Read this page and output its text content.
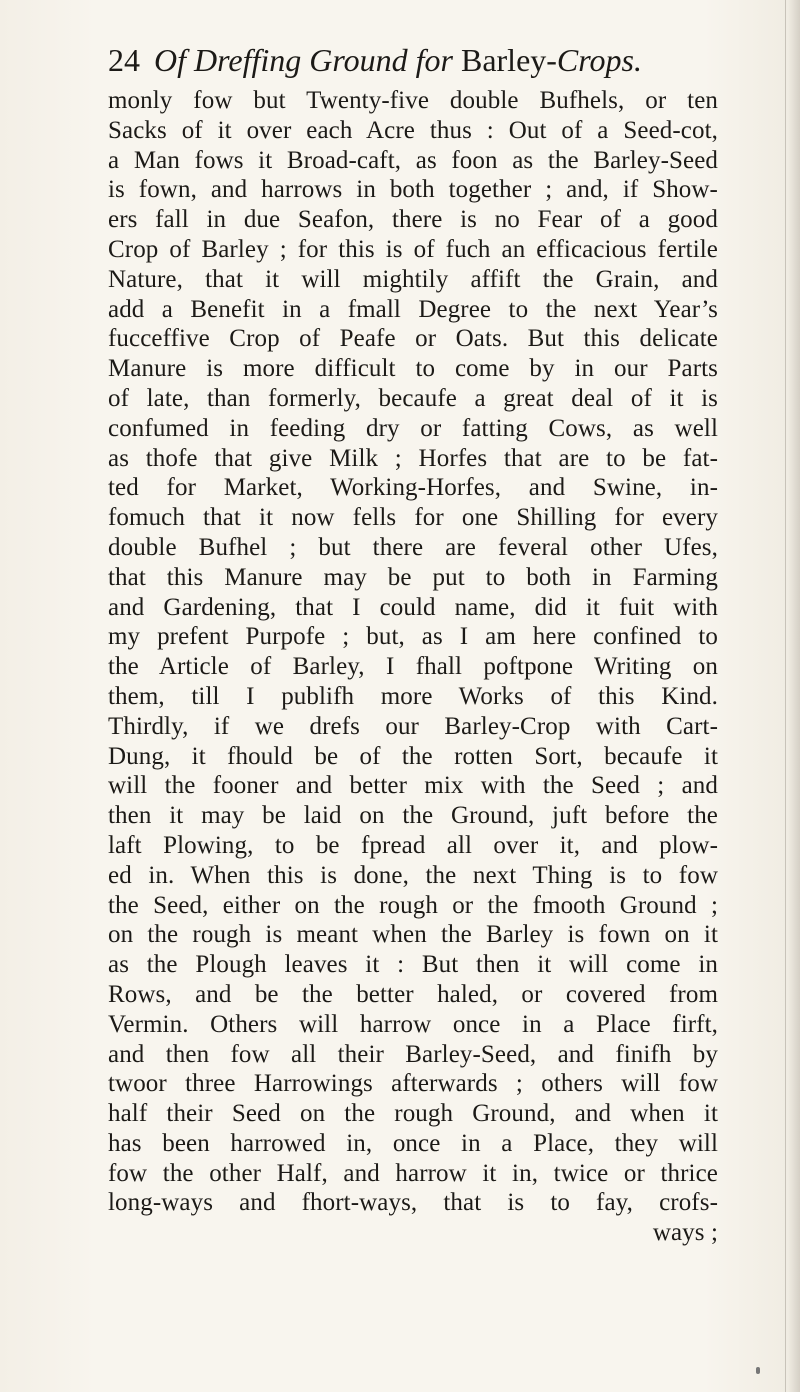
24 Of Dreffing Ground for Barley-Crops.
monly fow but Twenty-five double Bufhels, or ten
Sacks of it over each Acre thus : Out of a Seed-cot,
a Man fows it Broad-caft, as foon as the Barley-Seed
is fown, and harrows in both together ; and, if Show-
ers fall in due Seafon, there is no Fear of a good
Crop of Barley ; for this is of fuch an efficacious fertile
Nature, that it will mightily affift the Grain, and
add a Benefit in a fmall Degree to the next Year’s
fucceffive Crop of Peafe or Oats. But this delicate
Manure is more difficult to come by in our Parts
of late, than formerly, becaufe a great deal of it is
confumed in feeding dry or fatting Cows, as well
as thofe that give Milk ; Horfes that are to be fat-
ted for Market, Working-Horfes, and Swine, in-
fomuch that it now fells for one Shilling for every
double Bufhel ; but there are feveral other Ufes,
that this Manure may be put to both in Farming
and Gardening, that I could name, did it fuit with
my prefent Purpofe ; but, as I am here confined to
the Article of Barley, I fhall poftpone Writing on
them, till I publifh more Works of this Kind.
Thirdly, if we drefs our Barley-Crop with Cart-
Dung, it fhould be of the rotten Sort, becaufe it
will the fooner and better mix with the Seed ; and
then it may be laid on the Ground, juft before the
laft Plowing, to be fpread all over it, and plow-
ed in. When this is done, the next Thing is to fow
the Seed, either on the rough or the fmooth Ground ;
on the rough is meant when the Barley is fown on it
as the Plough leaves it : But then it will come in
Rows, and be the better haled, or covered from
Vermin. Others will harrow once in a Place firft,
and then fow all their Barley-Seed, and finifh by
twoor three Harrowings afterwards ; others will fow
half their Seed on the rough Ground, and when it
has been harrowed in, once in a Place, they will
fow the other Half, and harrow it in, twice or thrice
long-ways and fhort-ways, that is to fay, crofs-
ways ;
